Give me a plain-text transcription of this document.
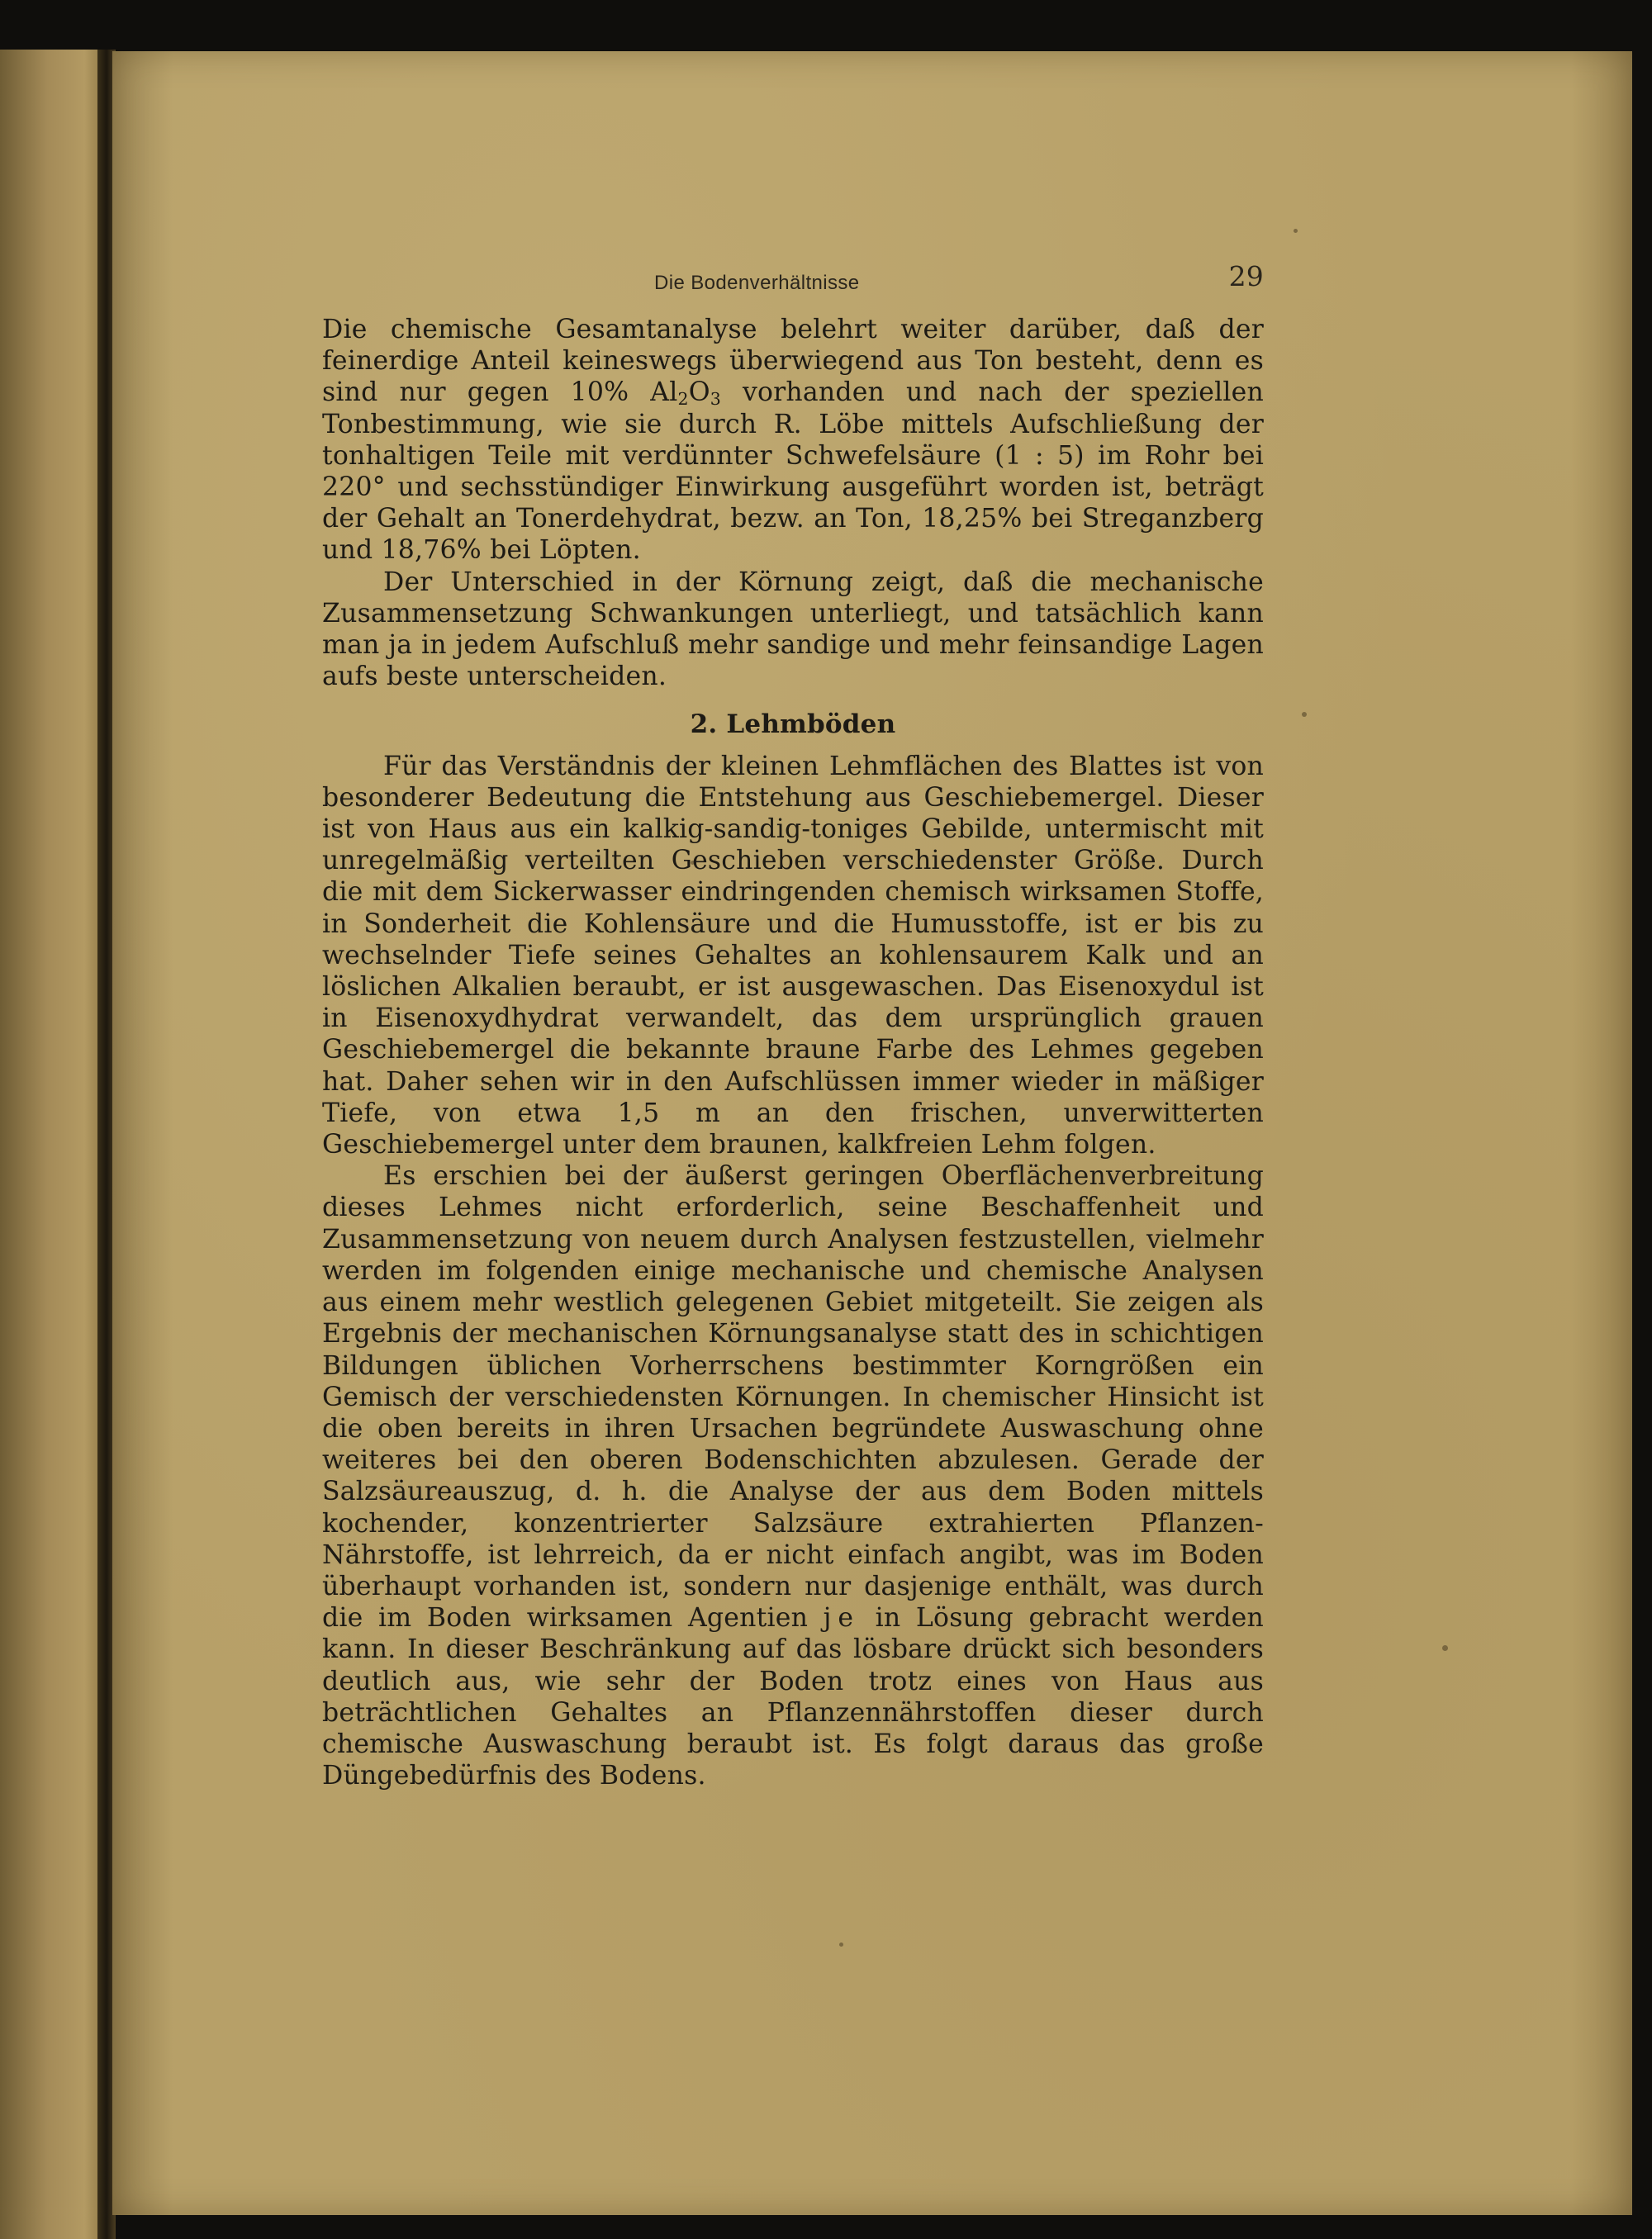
Die Bodenverhältnisse	29

Die chemische Gesamtanalyse belehrt weiter darüber, daß der feinerdige Anteil keineswegs überwiegend aus Ton besteht, denn es sind nur gegen 10% $Al_2O_3$ vorhanden und nach der speziellen Tonbestimmung, wie sie durch R. Löbe mittels Aufschließung der tonhaltigen Teile mit verdünnter Schwefelsäure (1 : 5) im Rohr bei 220° und sechsstündiger Einwirkung ausgeführt worden ist, beträgt der Gehalt an Tonerdehydrat, bezw. an Ton, 18,25% bei Streganzberg und 18,76% bei Löpten.

Der Unterschied in der Körnung zeigt, daß die mechanische Zusammensetzung Schwankungen unterliegt, und tatsächlich kann man ja in jedem Aufschluß mehr sandige und mehr feinsandige Lagen aufs beste unterscheiden.

2. Lehmböden

Für das Verständnis der kleinen Lehmflächen des Blattes ist von besonderer Bedeutung die Entstehung aus Geschiebemergel. Dieser ist von Haus aus ein kalkig-sandig-toniges Gebilde, untermischt mit unregelmäßig verteilten Geschieben verschiedenster Größe. Durch die mit dem Sickerwasser eindringenden chemisch wirksamen Stoffe, in Sonderheit die Kohlensäure und die Humusstoffe, ist er bis zu wechselnder Tiefe seines Gehaltes an kohlensaurem Kalk und an löslichen Alkalien beraubt, er ist ausgewaschen. Das Eisenoxydul ist in Eisenoxydhydrat verwandelt, das dem ursprünglich grauen Geschiebemergel die bekannte braune Farbe des Lehmes gegeben hat. Daher sehen wir in den Aufschlüssen immer wieder in mäßiger Tiefe, von etwa 1,5 m an den frischen, unverwitterten Geschiebemergel unter dem braunen, kalkfreien Lehm folgen.

Es erschien bei der äußerst geringen Oberflächenverbreitung dieses Lehmes nicht erforderlich, seine Beschaffenheit und Zusammensetzung von neuem durch Analysen festzustellen, vielmehr werden im folgenden einige mechanische und chemische Analysen aus einem mehr westlich gelegenen Gebiet mitgeteilt. Sie zeigen als Ergebnis der mechanischen Körnungsanalyse statt des in schichtigen Bildungen üblichen Vorherrschens bestimmter Korngrößen ein Gemisch der verschiedensten Körnungen. In chemischer Hinsicht ist die oben bereits in ihren Ursachen begründete Auswaschung ohne weiteres bei den oberen Bodenschichten abzulesen. Gerade der Salzsäureauszug, d. h. die Analyse der aus dem Boden mittels kochender, konzentrierter Salzsäure extrahierten Pflanzen-Nährstoffe, ist lehrreich, da er nicht einfach angibt, was im Boden überhaupt vorhanden ist, sondern nur dasjenige enthält, was durch die im Boden wirksamen Agentien je in Lösung gebracht werden kann. In dieser Beschränkung auf das lösbare drückt sich besonders deutlich aus, wie sehr der Boden trotz eines von Haus aus beträchtlichen Gehaltes an Pflanzennährstoffen dieser durch chemische Auswaschung beraubt ist. Es folgt daraus das große Düngebedürfnis des Bodens.
